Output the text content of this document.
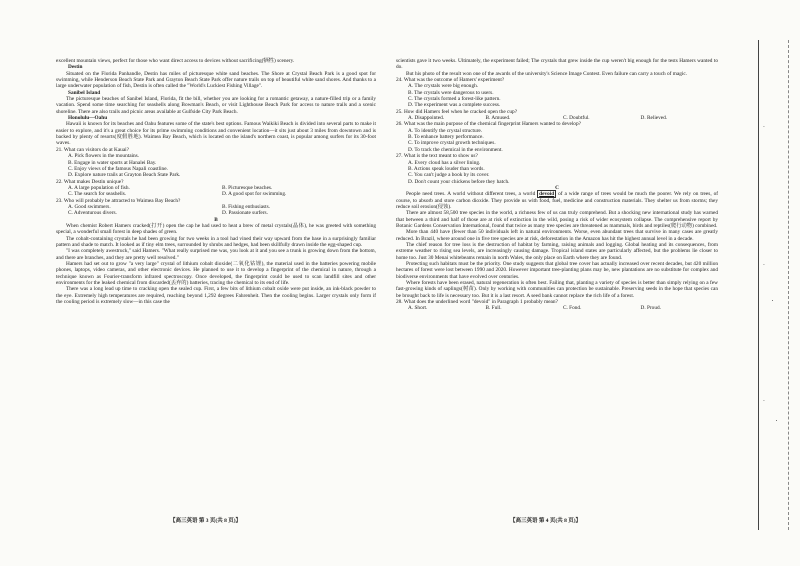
excellent mountain views, perfect for those who want direct access to devices without sacrificing(牺牲) scenery.

Destin

Situated on the Florida Panhandle, Destin has miles of picturesque white sand beaches. The Shore at Crystal Beach Park is a good spot for swimming, while Henderson Beach State Park and Grayton Beach State Park offer nature trails on top of beautiful white sand shores. And thanks to a large underwater population of fish, Destin is often called the "World's Luckiest Fishing Village".

Sanibel Island

The picturesque beaches of Sanibel Island, Florida, fit the bill, whether you are looking for a romantic getaway, a nature-filled trip or a family vacation. Spend some time searching for seashells along Bowman's Beach, or visit Lighthouse Beach Park for access to nature trails and a scenic shoreline. There are also trails and picnic areas available at Gulfside City Park Beach.

Honolulu—Oahu

Hawaii is known for its beaches and Oahu features some of the state's best options. Famous Waikiki Beach is divided into several parts to make it easier to explore, and it's a great choice for its prime swimming conditions and convenient location—it sits just about 3 miles from downtown and is backed by plenty of resorts(度假胜地). Waimea Bay Beach, which is located on the island's northern coast, is popular among surfers for its 30-foot waves.

21. What can visitors do at Kauai?

A. Pick flowers in the mountains.

B. Engage in water sports at Hanalei Bay.

C. Enjoy views of the famous Napali coastline.

D. Explore nature trails at Grayton Beach State Park.

22. What makes Destin unique?

A. A large population of fish.	B. Picturesque beaches.
C. The search for seashells.	D. A good spot for swimming.

23. Who will probably be attracted to Waimea Bay Beach?

A. Good swimmers.	B. Fishing enthusiasts.
C. Adventurous divers.	D. Passionate surfers.

B

When chemist Robert Hamers cracked(打开) open the cap he had used to heat a brew of metal crystals(晶体), he was greeted with something special, a wonderful small forest in deep shades of green.

The cobalt-containing crystals he had been growing for two weeks in a tool had vined their way upward from the base in a surprisingly familiar pattern and shade to match. It looked as if tiny elm trees, surrounded by shrubs and hedges, had been skillfully drawn inside the egg-shaped cup.

"I was completely awestruck," said Hamers. "What really surprised me was, you look at it and you see a trunk is growing down from the bottom, and there are branches, and they are pretty well resolved."

Hamers had set out to grow "a very large" crystal of lithium cobalt dioxide(二氧化钴锂), the material used in the batteries powering mobile phones, laptops, video cameras, and other electronic devices. He planned to use it to develop a fingerprint of the chemical in nature, through a technique known as Fourier-transform infrared spectroscopy. Once developed, the fingerprint could be used to scan landfill sites and other environments for the leaked chemical from discarded(丢弃的) batteries, tracing the chemical to its end of life.

There was a long lead up time to cracking open the sealed cup. First, a few bits of lithium cobalt oxide were put inside, an ink-black powder to the eye. Extremely high temperatures are required, reaching beyond 1,292 degrees Fahrenheit. Then the cooling begins. Larger crystals only form if the cooling period is extremely slow—in this case the

scientists gave it two weeks. Ultimately, the experiment failed; The crystals that grew inside the cup weren't big enough for the tests Hamers wanted to do.

But his photo of the result won one of the awards of the university's Science Image Contest. Even failure can carry a touch of magic.

24. What was the outcome of Hamers' experiment?

A. The crystals were big enough.

B. The crystals were dangerous to users.

C. The crystals formed a forest-like pattern.

D. The experiment was a complete success.

25. How did Hamers feel when he cracked open the cup?

A. Disappointed.	B. Amused.	C. Doubtful.	D. Relieved.

26. What was the main purpose of the chemical fingerprint Hamers wanted to develop?

A. To identify the crystal structure.

B. To enhance battery performance.

C. To improve crystal growth techniques.

D. To track the chemical in the environment.

27. What is the text meant to show us?

A. Every cloud has a silver lining.

B. Actions speak louder than words.

C. You can't judge a book by its cover.

D. Don't count your chickens before they hatch.

C

People need trees. A world without different trees, a world devoid of a wide range of trees would be much the poorer. We rely on trees, of course, to absorb and store carbon dioxide. They provide us with food, fuel, medicine and construction materials. They shelter us from storms; they reduce soil erosion(侵蚀).

There are almost 58,500 tree species in the world, a richness few of us can truly comprehend. But a shocking new international study has warned that between a third and half of those are at risk of extinction in the wild, posing a risk of wider ecosystem collapse. The comprehensive report by Botanic Gardens Conservation International, found that twice as many tree species are threatened as mammals, birds and reptiles(爬行动物) combined.

More than 440 have (fewer than 50 individuals left in natural environments. Worse, even abundant trees that survive in many cases are greatly reduced. In Brazil, where around one in five tree species are at risk, deforestation in the Amazon has hit the highest annual level in a decade.

The chief reason for tree loss is the destruction of habitat by farming, raising animals and logging. Global heating and its consequences, from extreme weather to rising sea levels, are increasingly causing damage. Tropical island states are particularly affected, but the problems lie closer to home too. Just 30 Menai whitebeams remain in north Wales, the only place on Earth where they are found.

Protecting such habitats must be the priority. One study suggests that global tree cover has actually increased over recent decades, but 420 million hectares of forest were lost between 1990 and 2020. However important tree-planting plans may be, new plantations are no substitute for complex and biodiverse environments that have evolved over centuries.

Where forests have been erased, natural regeneration is often best. Failing that, planting a variety of species is better than simply relying on a few fast-growing kinds of saplings(树苗). Only by working with communities can protection be sustainable. Preserving seeds in the hope that species can be brought back to life is necessary too. But it is a last resort. A seed bank cannot replace the rich life of a forest.

28. What does the underlined word "devoid" in Paragraph 1 probably mean?

A. Short.	B. Full.	C. Fond.	D. Proud.
【高三英语 第 3 页(共 8 页)】	【高三英语 第 4 页(共 8 页)】
·
·
·
